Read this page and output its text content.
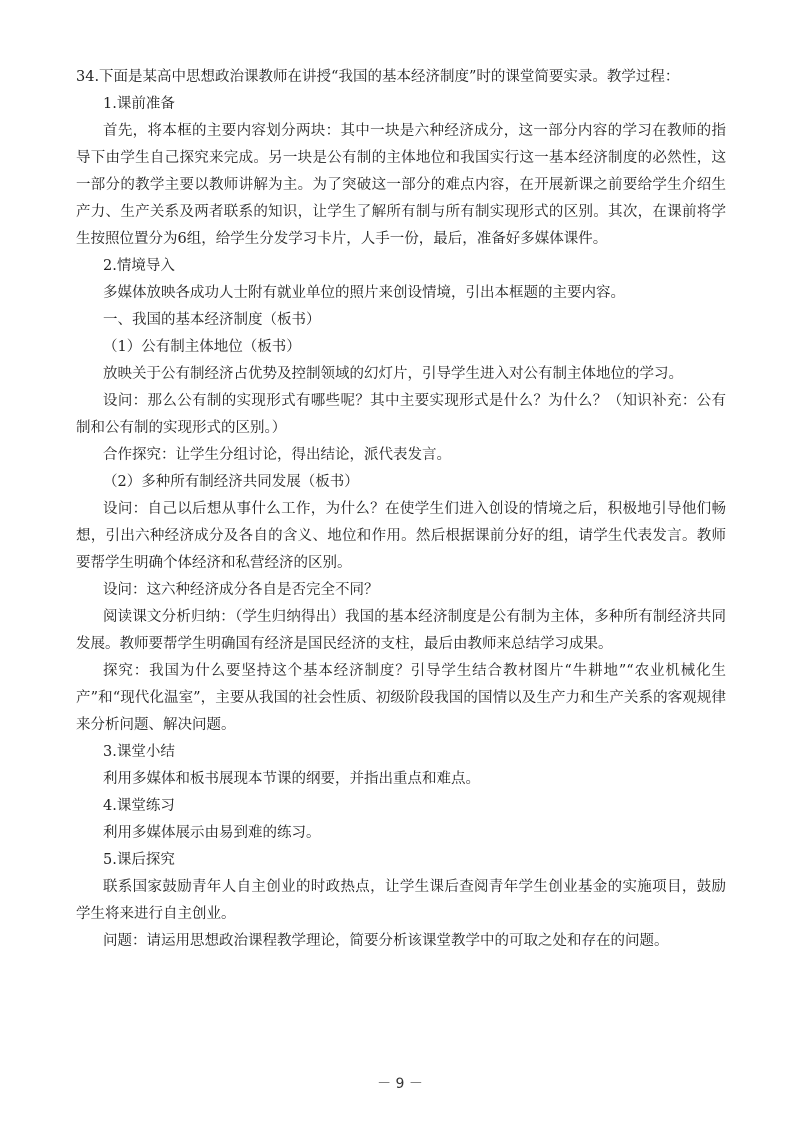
34.下面是某高中思想政治课教师在讲授“我国的基本经济制度”时的课堂简要实录。教学过程：

1.课前准备

首先，将本框的主要内容划分两块：其中一块是六种经济成分，这一部分内容的学习在教师的指导下由学生自己探究来完成。另一块是公有制的主体地位和我国实行这一基本经济制度的必然性，这一部分的教学主要以教师讲解为主。为了突破这一部分的难点内容，在开展新课之前要给学生介绍生产力、生产关系及两者联系的知识，让学生了解所有制与所有制实现形式的区别。其次，在课前将学生按照位置分为6组，给学生分发学习卡片，人手一份，最后，准备好多媒体课件。

2.情境导入

多媒体放映各成功人士附有就业单位的照片来创设情境，引出本框题的主要内容。

一、我国的基本经济制度（板书）

（1）公有制主体地位（板书）

放映关于公有制经济占优势及控制领域的幻灯片，引导学生进入对公有制主体地位的学习。

设问：那么公有制的实现形式有哪些呢？其中主要实现形式是什么？为什么？（知识补充：公有制和公有制的实现形式的区别。）

合作探究：让学生分组讨论，得出结论，派代表发言。

（2）多种所有制经济共同发展（板书）

设问：自己以后想从事什么工作，为什么？在使学生们进入创设的情境之后，积极地引导他们畅想，引出六种经济成分及各自的含义、地位和作用。然后根据课前分好的组，请学生代表发言。教师要帮学生明确个体经济和私营经济的区别。

设问：这六种经济成分各自是否完全不同？

阅读课文分析归纳：（学生归纳得出）我国的基本经济制度是公有制为主体，多种所有制经济共同发展。教师要帮学生明确国有经济是国民经济的支柱，最后由教师来总结学习成果。

探究：我国为什么要坚持这个基本经济制度？引导学生结合教材图片“牛耕地”“农业机械化生产”和“现代化温室”，主要从我国的社会性质、初级阶段我国的国情以及生产力和生产关系的客观规律来分析问题、解决问题。

3.课堂小结

利用多媒体和板书展现本节课的纲要，并指出重点和难点。

4.课堂练习

利用多媒体展示由易到难的练习。

5.课后探究

联系国家鼓励青年人自主创业的时政热点，让学生课后查阅青年学生创业基金的实施项目，鼓励学生将来进行自主创业。

问题：请运用思想政治课程教学理论，简要分析该课堂教学中的可取之处和存在的问题。

－ 9 －
